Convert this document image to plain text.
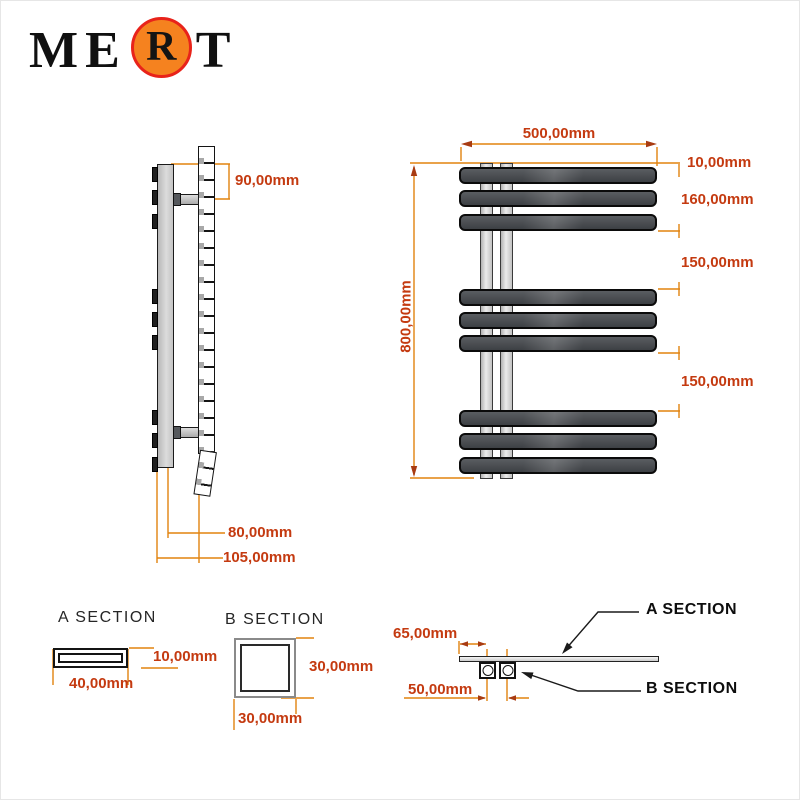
ME R T
A SECTION	B SECTION
A SECTION
B SECTION
90,00mm
80,00mm
105,00mm
500,00mm
800,00mm
10,00mm
160,00mm
150,00mm
150,00mm
10,00mm
40,00mm
30,00mm
30,00mm
65,00mm
50,00mm
